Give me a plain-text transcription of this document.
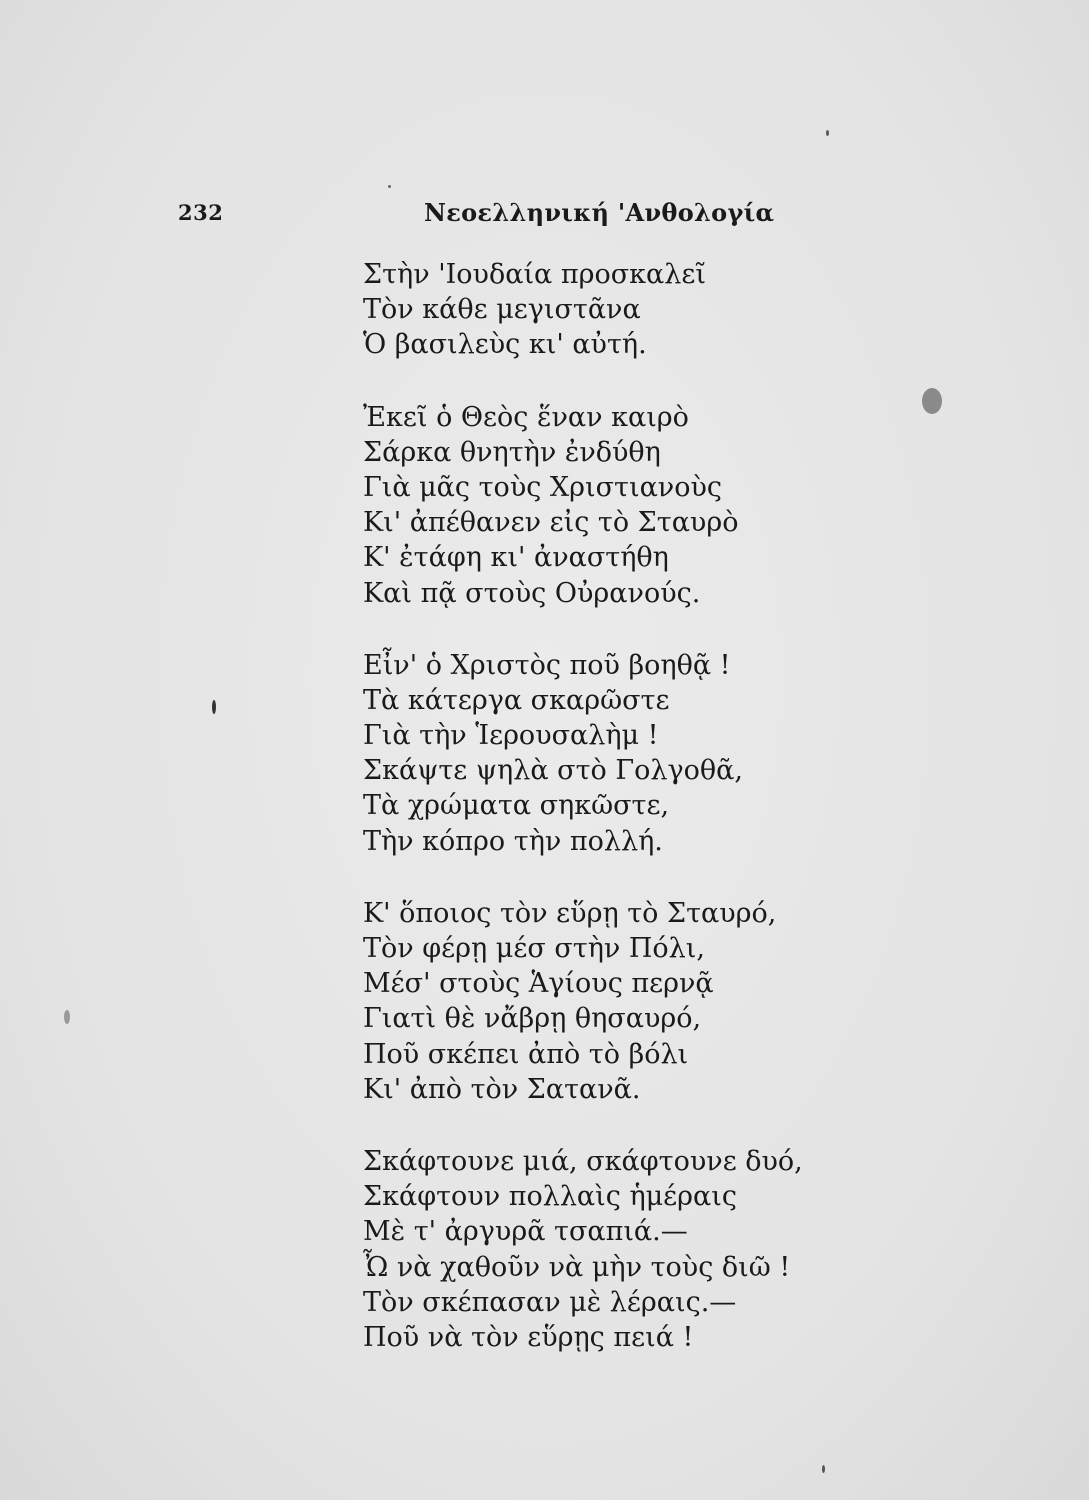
232	Νεοελληνική 'Ανθολογία
Στὴν 'Ιουδαία προσκαλεῖ
Τὸν κάθε μεγιστᾶνα
Ὁ βασιλεὺς κι' αὐτή.
Ἐκεῖ ὁ Θεὸς ἕναν καιρὸ
Σάρκα θνητὴν ἐνδύθη
Γιὰ μᾶς τοὺς Χριστιανοὺς
Κι' ἀπέθανεν εἰς τὸ Σταυρὸ
Κ' ἐτάφη κι' ἀναστήθη
Καὶ πᾷ στοὺς Οὐρανούς.
Εἶν' ὁ Χριστὸς ποῦ βοηθᾷ !
Τὰ κάτεργα σκαρῶστε
Γιὰ τὴν Ἱερουσαλὴμ !
Σκάψτε ψηλὰ στὸ Γολγοθᾶ,
Τὰ χρώματα σηκῶστε,
Τὴν κόπρο τὴν πολλή.
Κ' ὅποιος τὸν εὕρῃ τὸ Σταυρό,
Τὸν φέρῃ μέσ στὴν Πόλι,
Μέσ' στοὺς Ἁγίους περνᾷ
Γιατὶ θὲ νἄβρῃ θησαυρό,
Ποῦ σκέπει ἀπὸ τὸ βόλι
Κι' ἀπὸ τὸν Σατανᾶ.
Σκάφτουνε μιά, σκάφτουνε δυό,
Σκάφτουν πολλαὶς ἡμέραις
Μὲ τ' ἀργυρᾶ τσαπιά.—
Ὦ νὰ χαθοῦν νὰ μὴν τοὺς διῶ !
Τὸν σκέπασαν μὲ λέραις.—
Ποῦ νὰ τὸν εὕρῃς πειά !
